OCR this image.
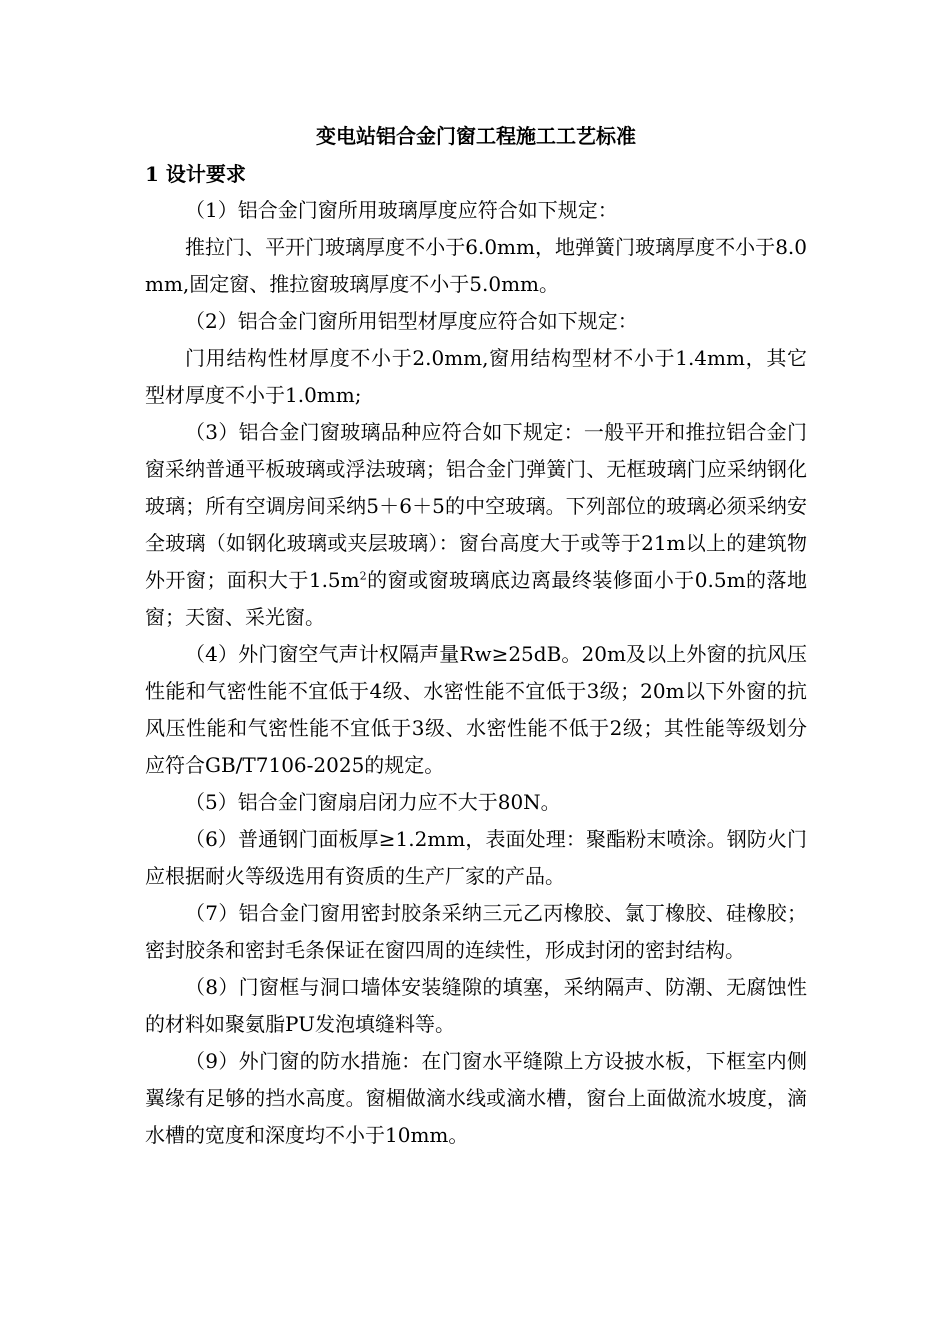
变电站铝合金门窗工程施工工艺标准
1 设计要求

（1）铝合金门窗所用玻璃厚度应符合如下规定：

推拉门、平开门玻璃厚度不小于6.0mm，地弹簧门玻璃厚度不小于8.0mm,固定窗、推拉窗玻璃厚度不小于5.0mm。

（2）铝合金门窗所用铝型材厚度应符合如下规定：

门用结构性材厚度不小于2.0mm,窗用结构型材不小于1.4mm，其它型材厚度不小于1.0mm;

（3）铝合金门窗玻璃品种应符合如下规定：一般平开和推拉铝合金门窗采纳普通平板玻璃或浮法玻璃；铝合金门弹簧门、无框玻璃门应采纳钢化玻璃；所有空调房间采纳5＋6＋5的中空玻璃。下列部位的玻璃必须采纳安全玻璃（如钢化玻璃或夹层玻璃）：窗台高度大于或等于21m以上的建筑物外开窗；面积大于$1.5m^2$的窗或窗玻璃底边离最终装修面小于0.5m的落地窗；天窗、采光窗。

（4）外门窗空气声计权隔声量Rw≥25dB。20m及以上外窗的抗风压性能和气密性能不宜低于4级、水密性能不宜低于3级；20m以下外窗的抗风压性能和气密性能不宜低于3级、水密性能不低于2级；其性能等级划分应符合GB/T7106-2025的规定。

（5）铝合金门窗扇启闭力应不大于80N。

（6）普通钢门面板厚≥1.2mm，表面处理：聚酯粉末喷涂。钢防火门应根据耐火等级选用有资质的生产厂家的产品。

（7）铝合金门窗用密封胶条采纳三元乙丙橡胶、氯丁橡胶、硅橡胶；密封胶条和密封毛条保证在窗四周的连续性，形成封闭的密封结构。

（8）门窗框与洞口墙体安装缝隙的填塞，采纳隔声、防潮、无腐蚀性的材料如聚氨脂PU发泡填缝料等。

（9）外门窗的防水措施：在门窗水平缝隙上方设披水板，下框室内侧翼缘有足够的挡水高度。窗楣做滴水线或滴水槽，窗台上面做流水坡度，滴水槽的宽度和深度均不小于10mm。
